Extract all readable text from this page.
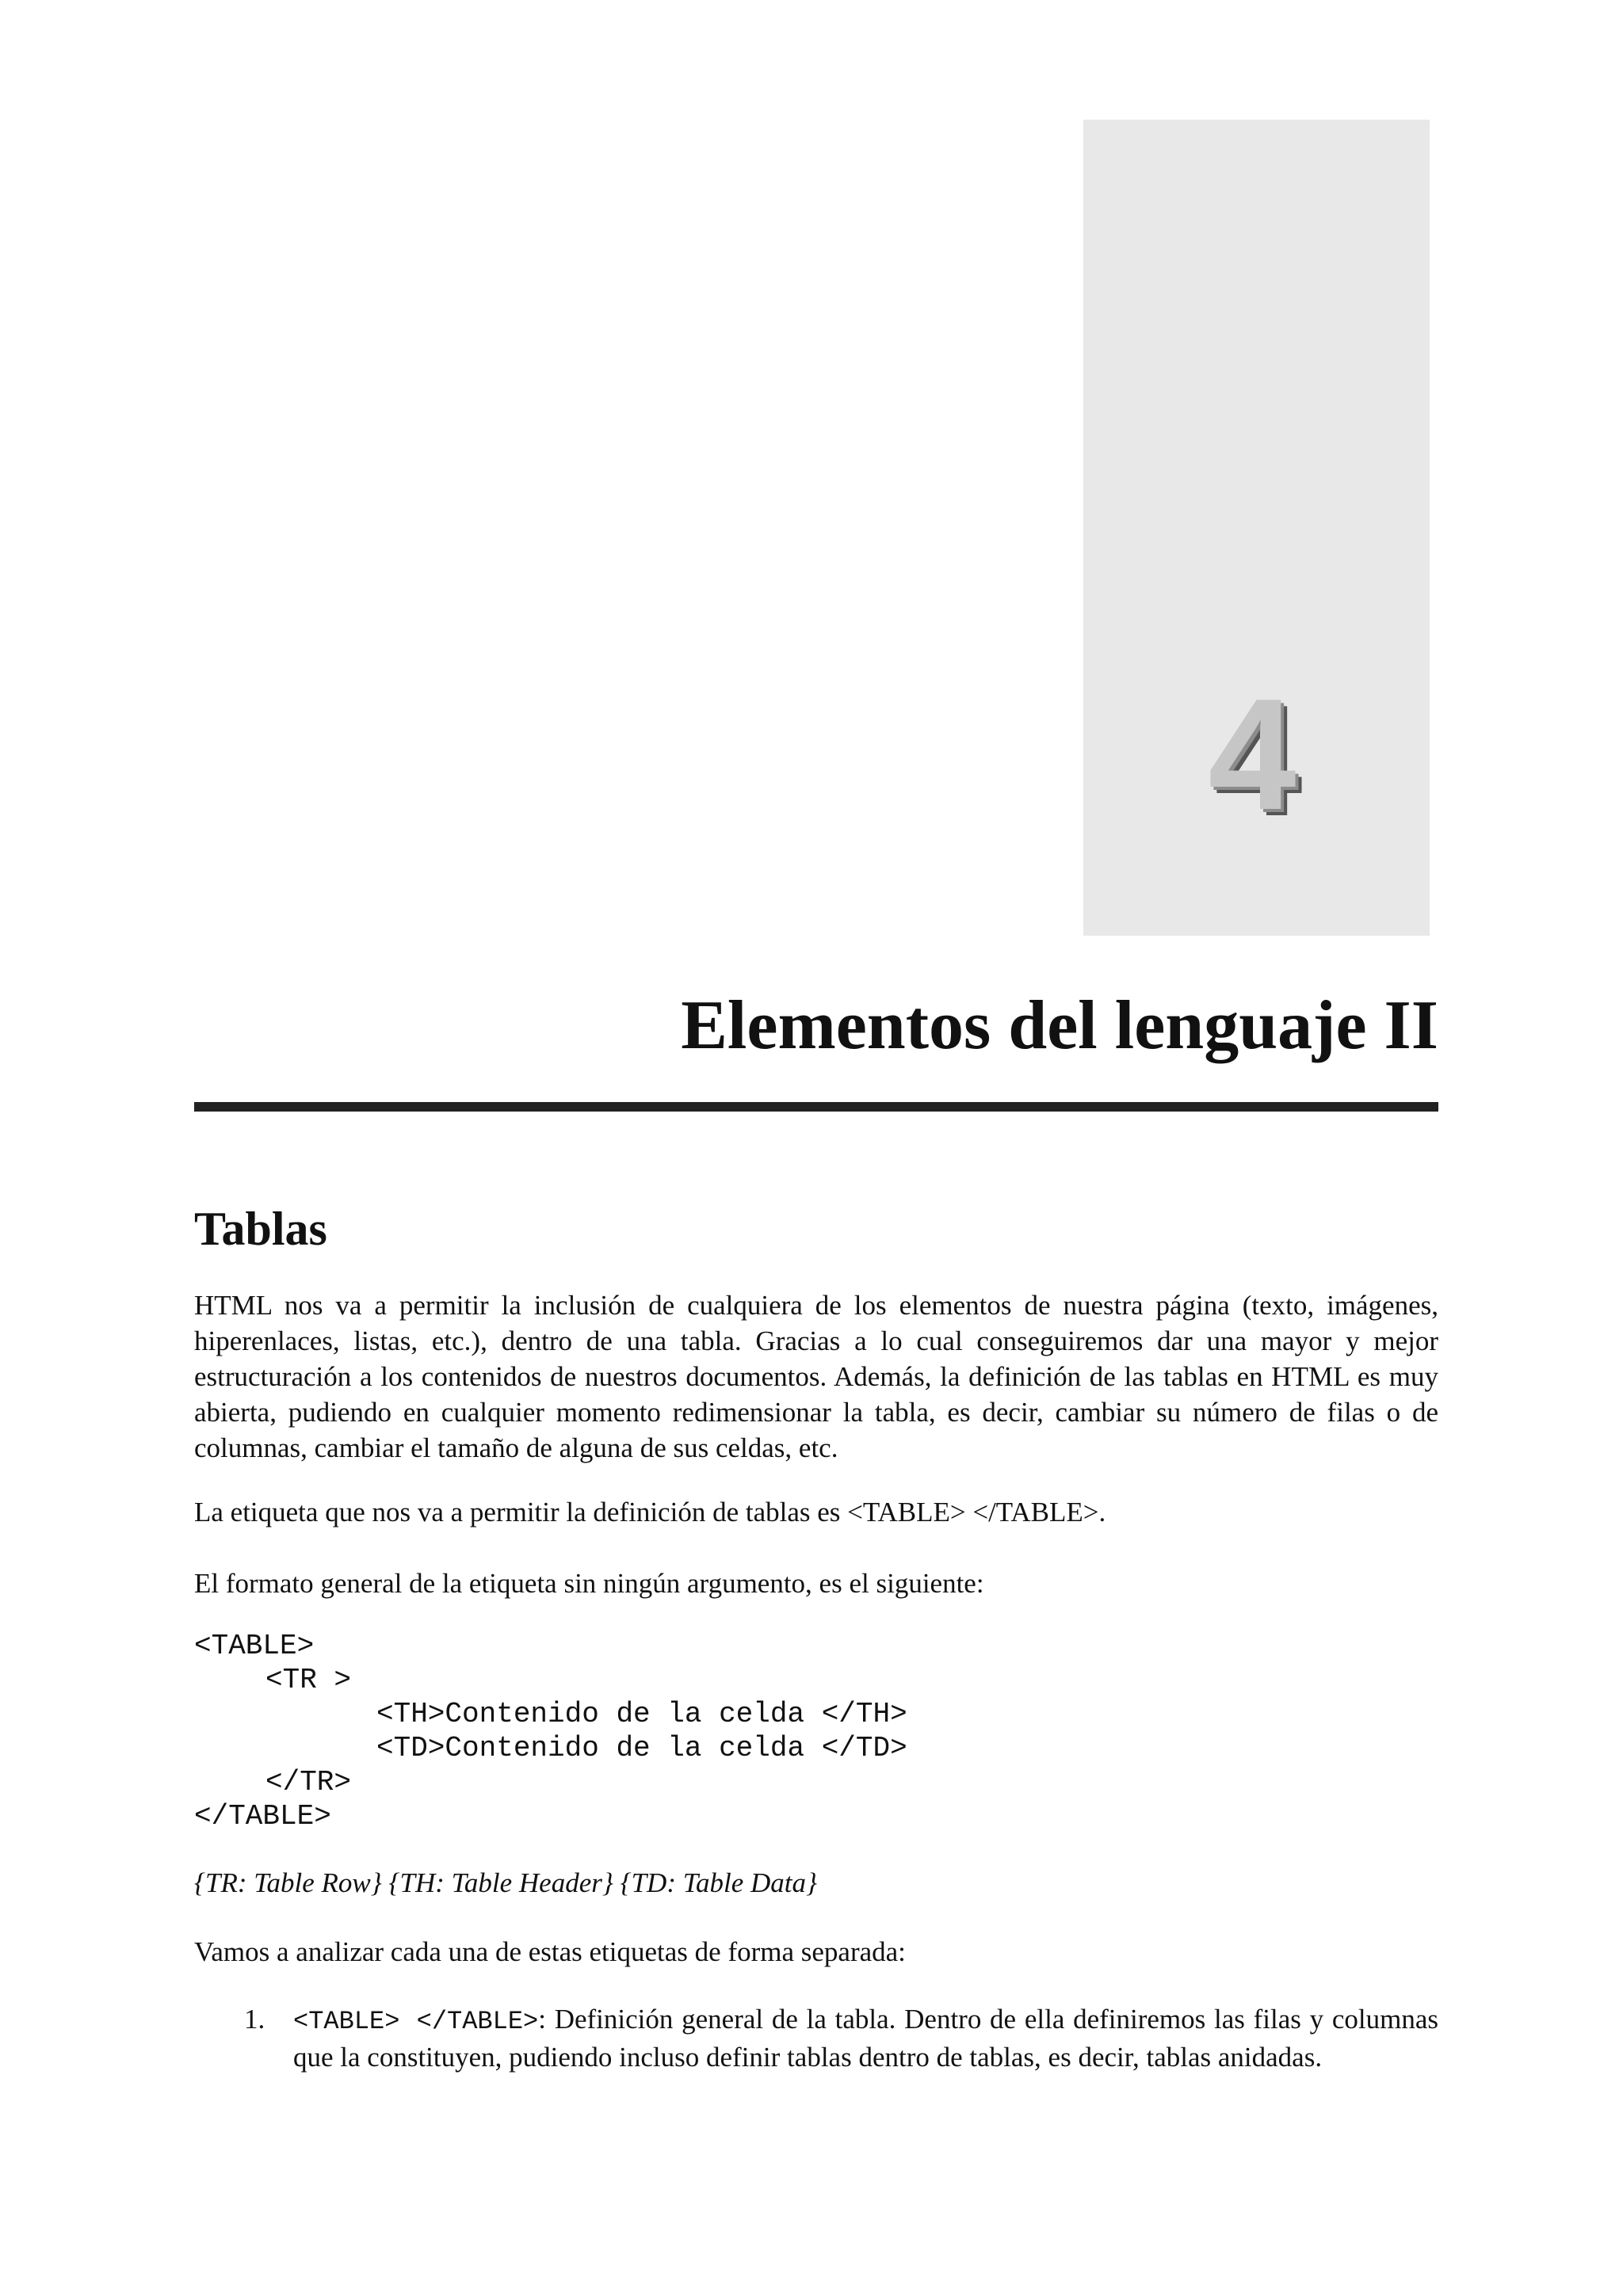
4
Elementos del lenguaje II
Tablas

HTML nos va a permitir la inclusión de cualquiera de los elementos de nuestra página (texto, imágenes, hiperenlaces, listas, etc.), dentro de una tabla. Gracias a lo cual conseguiremos dar una mayor y mejor estructuración a los contenidos de nuestros documentos. Además, la definición de las tablas en HTML es muy abierta, pudiendo en cualquier momento redimensionar la tabla, es decir, cambiar su número de filas o de columnas, cambiar el tamaño de alguna de sus celdas, etc.

La etiqueta que nos va a permitir la definición de tablas es <TABLE> </TABLE>.

El formato general de la etiqueta sin ningún argumento, es el siguiente:

<TABLE>
<TR >
<TH>Contenido de la celda </TH>
<TD>Contenido de la celda </TD>
</TR>
</TABLE>
{TR: Table Row} {TH: Table Header} {TD: Table Data}

Vamos a analizar cada una de estas etiquetas de forma separada:

1. <TABLE> </TABLE>: Definición general de la tabla. Dentro de ella definiremos las filas y columnas que la constituyen, pudiendo incluso definir tablas dentro de tablas, es decir, tablas anidadas.
